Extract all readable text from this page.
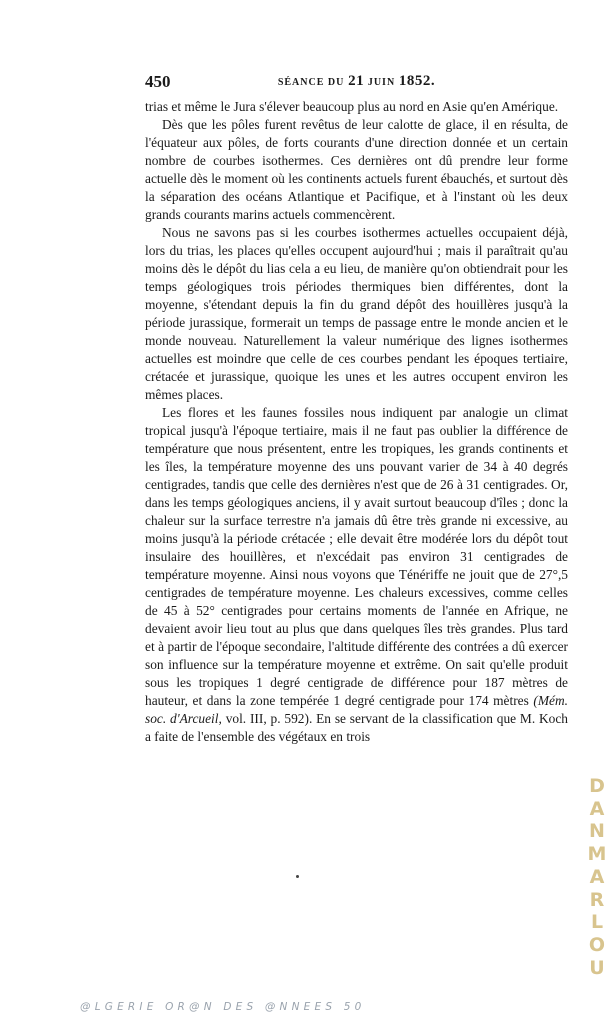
450	SÉANCE DU 21 JUIN 1852.

trias et même le Jura s'élever beaucoup plus au nord en Asie qu'en Amérique.

Dès que les pôles furent revêtus de leur calotte de glace, il en résulta, de l'équateur aux pôles, de forts courants d'une direction donnée et un certain nombre de courbes isothermes. Ces dernières ont dû prendre leur forme actuelle dès le moment où les continents actuels furent ébauchés, et surtout dès la séparation des océans Atlantique et Pacifique, et à l'instant où les deux grands courants marins actuels commencèrent.

Nous ne savons pas si les courbes isothermes actuelles occupaient déjà, lors du trias, les places qu'elles occupent aujourd'hui ; mais il paraîtrait qu'au moins dès le dépôt du lias cela a eu lieu, de manière qu'on obtiendrait pour les temps géologiques trois périodes thermiques bien différentes, dont la moyenne, s'étendant depuis la fin du grand dépôt des houillères jusqu'à la période jurassique, formerait un temps de passage entre le monde ancien et le monde nouveau. Naturellement la valeur numérique des lignes isothermes actuelles est moindre que celle de ces courbes pendant les époques tertiaire, crétacée et jurassique, quoique les unes et les autres occupent environ les mêmes places.

Les flores et les faunes fossiles nous indiquent par analogie un climat tropical jusqu'à l'époque tertiaire, mais il ne faut pas oublier la différence de température que nous présentent, entre les tropiques, les grands continents et les îles, la température moyenne des uns pouvant varier de 34 à 40 degrés centigrades, tandis que celle des dernières n'est que de 26 à 31 centigrades. Or, dans les temps géologiques anciens, il y avait surtout beaucoup d'îles ; donc la chaleur sur la surface terrestre n'a jamais dû être très grande ni excessive, au moins jusqu'à la période crétacée ; elle devait être modérée lors du dépôt tout insulaire des houillères, et n'excédait pas environ 31 centigrades de température moyenne. Ainsi nous voyons que Ténériffe ne jouit que de 27°,5 centigrades de température moyenne. Les chaleurs excessives, comme celles de 45 à 52° centigrades pour certains moments de l'année en Afrique, ne devaient avoir lieu tout au plus que dans quelques îles très grandes. Plus tard et à partir de l'époque secondaire, l'altitude différente des contrées a dû exercer son influence sur la température moyenne et extrême. On sait qu'elle produit sous les tropiques 1 degré centigrade de différence pour 187 mètres de hauteur, et dans la zone tempérée 1 degré centigrade pour 174 mètres (Mém. soc. d'Arcueil, vol. III, p. 592). En se servant de la classification que M. Koch a faite de l'ensemble des végétaux en trois

DANMARLOU
@LGERIE OR@N DES @NNEES 50
